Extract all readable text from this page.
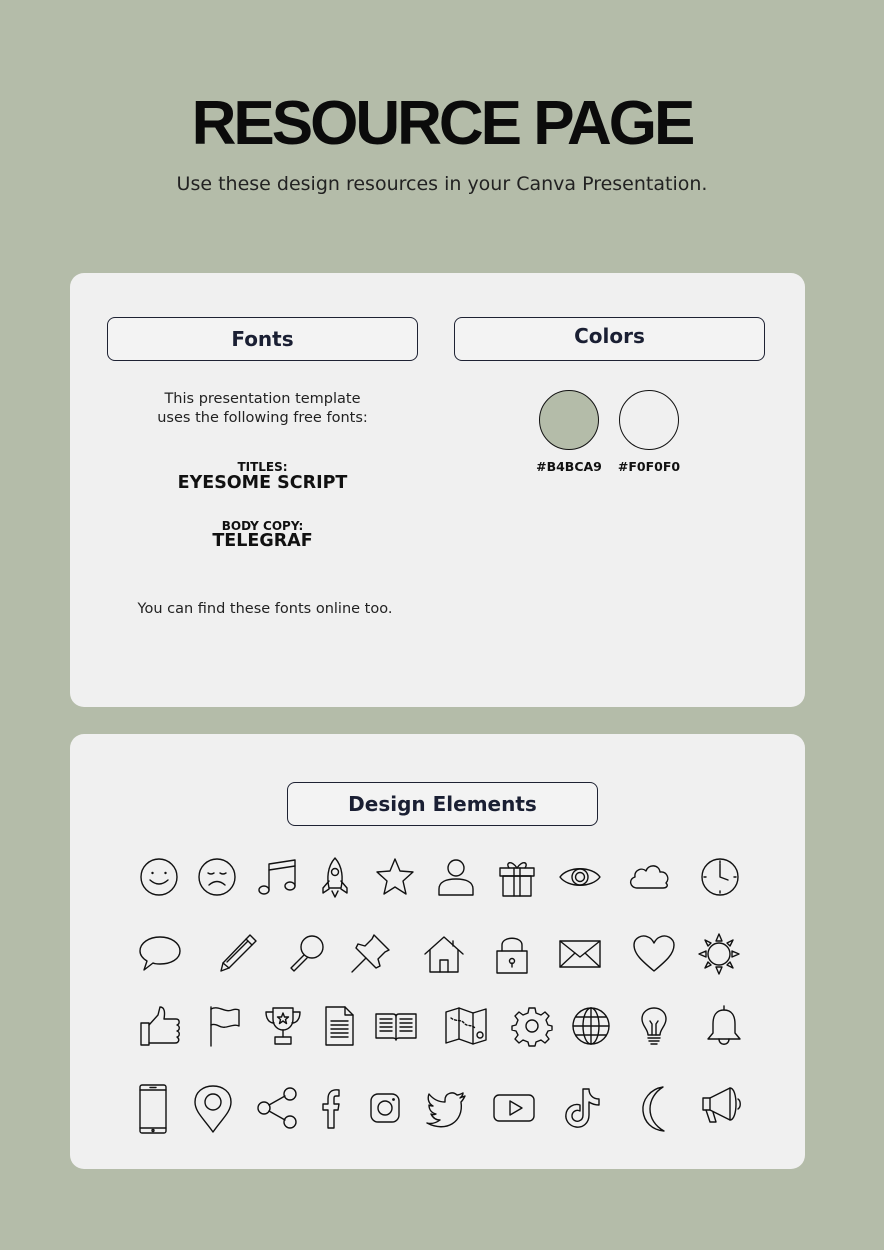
RESOURCE PAGE
Use these design resources in your Canva Presentation.
Fonts	Colors
This presentation template
uses the following free fonts:
TITLES:
EYESOME SCRIPT
BODY COPY:
TELEGRAF
You can find these fonts online too.
#B4BCA9	#F0F0F0
Design Elements
